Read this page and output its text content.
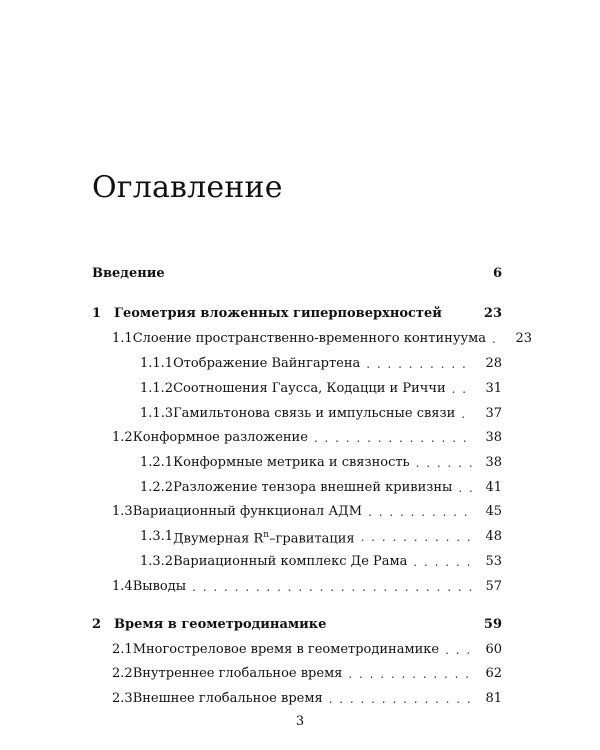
Оглавление
Введение	6
1 Геометрия вложенных гиперповерхностей	23
1.1 Слоение пространственно-временного континуума . . .	23
1.1.1 Отображение Вайнгартена . . .	28
1.1.2 Соотношения Гаусса, Кодацци и Риччи . . .	31
1.1.3 Гамильтонова связь и импульсные связи . . .	37
1.2 Конформное разложение . . .	38
1.2.1 Конформные метрика и связность . . .	38
1.2.2 Разложение тензора внешней кривизны . . .	41
1.3 Вариационный функционал АДМ . . .	45
1.3.1 Двумерная $R^n$–гравитация . . .	48
1.3.2 Вариационный комплекс Де Рама . . .	53
1.4 Выводы . . .	57
2 Время в геометродинамике	59
2.1 Многостреловое время в геометродинамике . . .	60
2.2 Внутреннее глобальное время . . .	62
2.3 Внешнее глобальное время . . .	81
3
